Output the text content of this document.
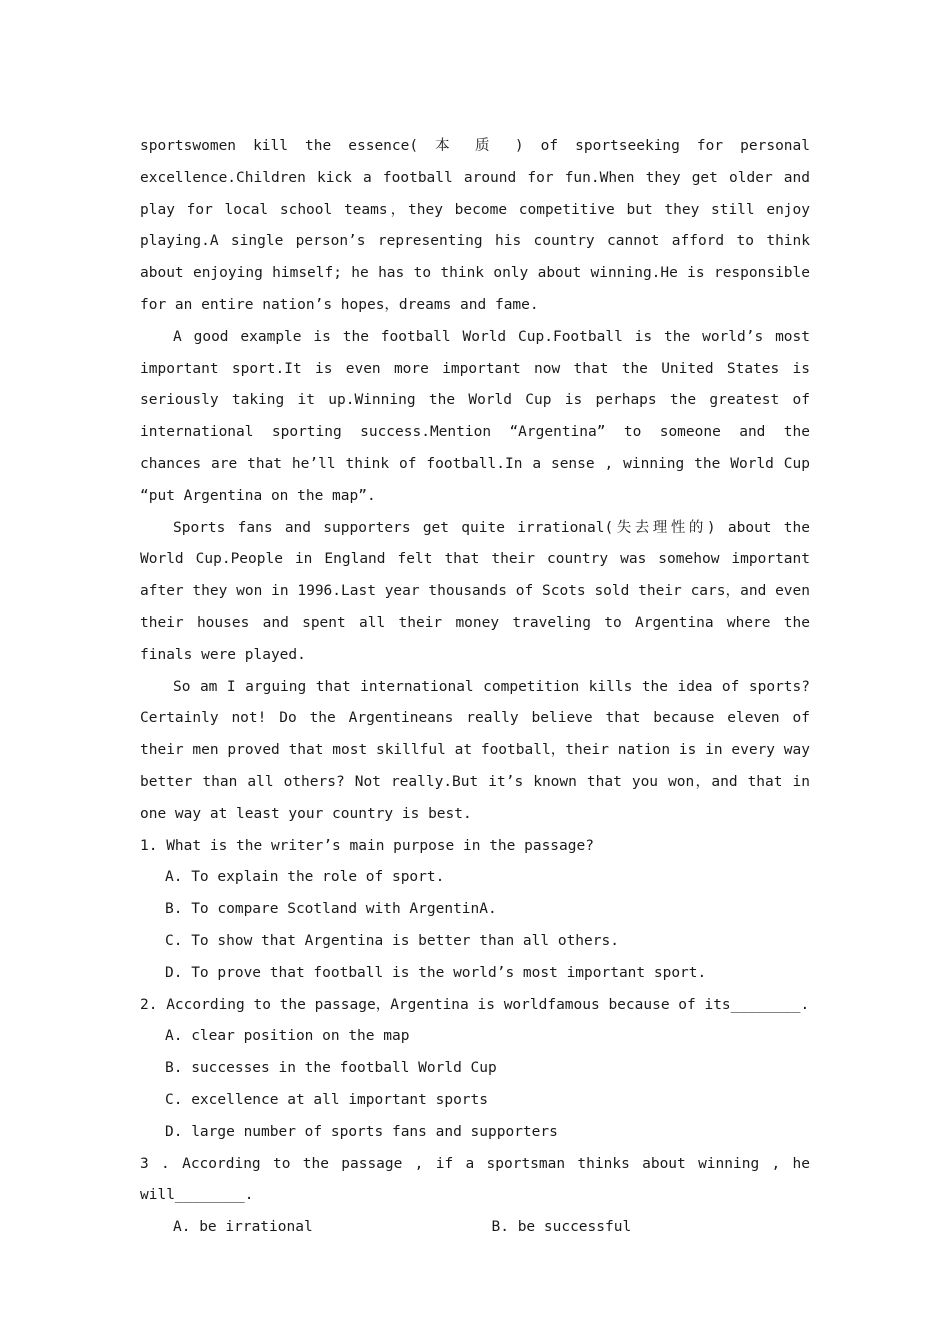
sportswomen kill the essence( 本 质 ) of sportseeking for personal excellence.Children kick a football around for fun.When they get older and play for local school teams，they become competitive but they still enjoy playing.A single person’s representing his country cannot afford to think about enjoying himself; he has to think only about winning.He is responsible for an entire nation’s hopes，dreams and fame.

A good example is the football World Cup.Football is the world’s most important sport.It is even more important now that the United States is seriously taking it up.Winning the World Cup is perhaps the greatest of international sporting success.Mention “Argentina” to someone and the chances are that he’ll think of football.In a sense , winning the World Cup “put Argentina on the map”.

Sports fans and supporters get quite irrational(失去理性的) about the World Cup.People in England felt that their country was somehow important after they won in 1996.Last year thousands of Scots sold their cars，and even their houses and spent all their money traveling to Argentina where the finals were played.

So am I arguing that international competition kills the idea of sports? Certainly not! Do the Argentineans really believe that because eleven of their men proved that most skillful at football，their nation is in every way better than all others? Not really.But it’s known that you won，and that in one way at least your country is best.

1. What is the writer’s main purpose in the passage?

A. To explain the role of sport.

B. To compare Scotland with ArgentinA.

C. To show that Argentina is better than all others.

D. To prove that football is the world’s most important sport.

2. According to the passage，Argentina is worldfamous because of its________.

A. clear position on the map

B. successes in the football World Cup

C. excellence at all important sports

D. large number of sports fans and supporters

3 . According to the passage , if a sportsman thinks about winning , he will________.

A. be irrational	B. be successful
